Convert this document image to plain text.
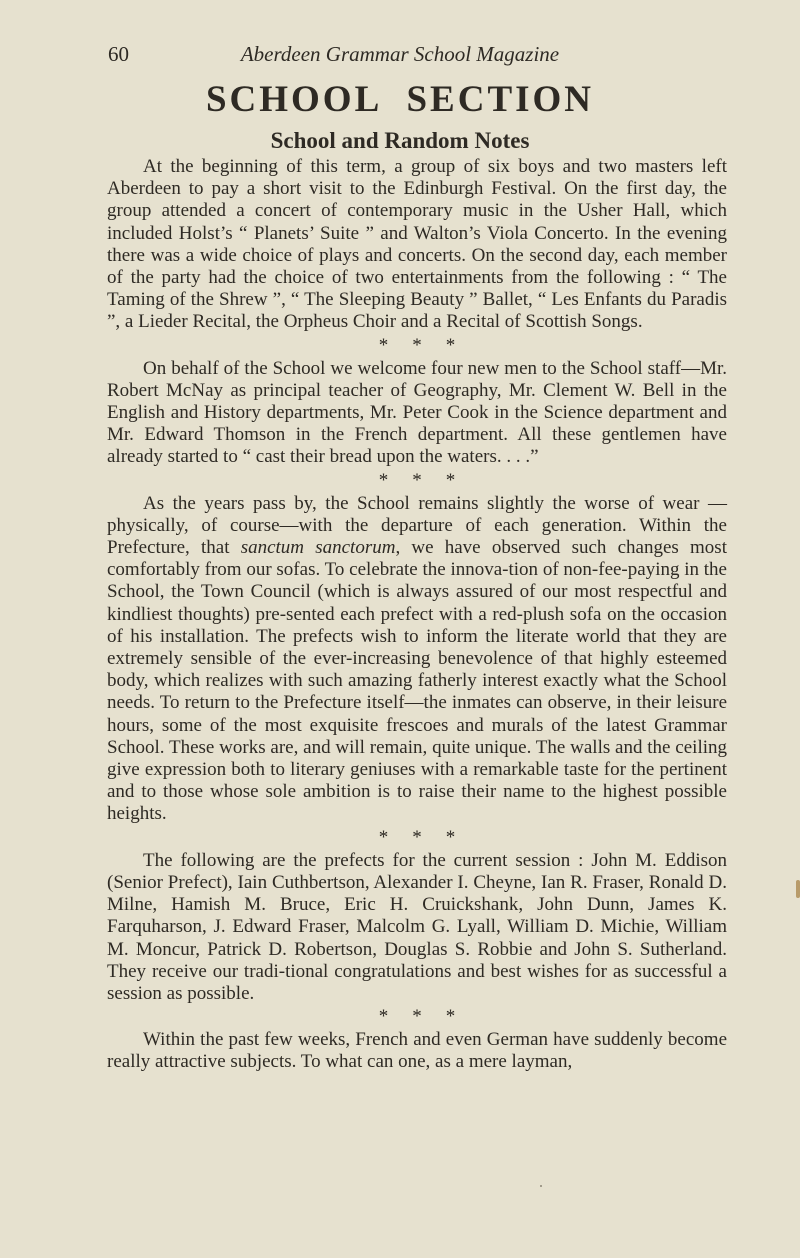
60	Aberdeen Grammar School Magazine
SCHOOL SECTION
School and Random Notes

At the beginning of this term, a group of six boys and two masters left Aberdeen to pay a short visit to the Edinburgh Festival. On the first day, the group attended a concert of contemporary music in the Usher Hall, which included Holst’s “ Planets’ Suite ” and Walton’s Viola Concerto. In the evening there was a wide choice of plays and concerts. On the second day, each member of the party had the choice of two entertainments from the following : “ The Taming of the Shrew ”, “ The Sleeping Beauty ” Ballet, “ Les Enfants du Paradis ”, a Lieder Recital, the Orpheus Choir and a Recital of Scottish Songs.

* * *

On behalf of the School we welcome four new men to the School staff—Mr. Robert McNay as principal teacher of Geography, Mr. Clement W. Bell in the English and History departments, Mr. Peter Cook in the Science department and Mr. Edward Thomson in the French department. All these gentlemen have already started to “ cast their bread upon the waters. . . .”

* * *

As the years pass by, the School remains slightly the worse of wear —physically, of course—with the departure of each generation. Within the Prefecture, that sanctum sanctorum, we have observed such changes most comfortably from our sofas. To celebrate the innova-tion of non-fee-paying in the School, the Town Council (which is always assured of our most respectful and kindliest thoughts) pre-sented each prefect with a red-plush sofa on the occasion of his installation. The prefects wish to inform the literate world that they are extremely sensible of the ever-increasing benevolence of that highly esteemed body, which realizes with such amazing fatherly interest exactly what the School needs. To return to the Prefecture itself—the inmates can observe, in their leisure hours, some of the most exquisite frescoes and murals of the latest Grammar School. These works are, and will remain, quite unique. The walls and the ceiling give expression both to literary geniuses with a remarkable taste for the pertinent and to those whose sole ambition is to raise their name to the highest possible heights.

* * *

The following are the prefects for the current session : John M. Eddison (Senior Prefect), Iain Cuthbertson, Alexander I. Cheyne, Ian R. Fraser, Ronald D. Milne, Hamish M. Bruce, Eric H. Cruickshank, John Dunn, James K. Farquharson, J. Edward Fraser, Malcolm G. Lyall, William D. Michie, William M. Moncur, Patrick D. Robertson, Douglas S. Robbie and John S. Sutherland. They receive our tradi-tional congratulations and best wishes for as successful a session as possible.

* * *

Within the past few weeks, French and even German have suddenly become really attractive subjects. To what can one, as a mere layman,
